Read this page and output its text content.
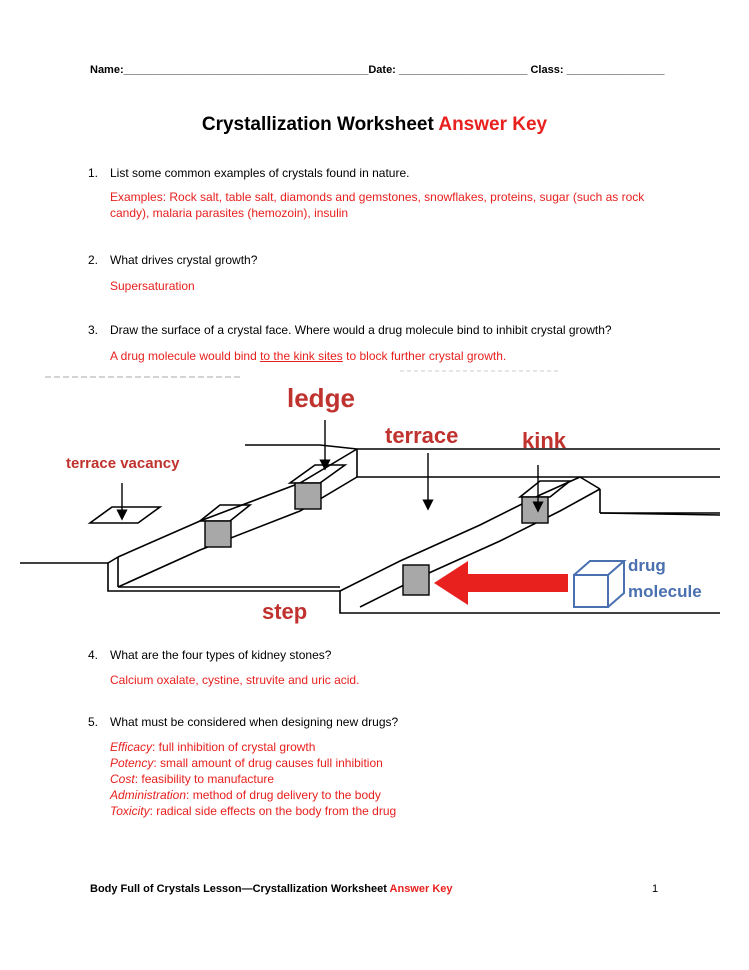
Name:________________________________________Date: _____________________ Class: ________________
Crystallization Worksheet Answer Key
1. List some common examples of crystals found in nature.
Examples: Rock salt, table salt, diamonds and gemstones, snowflakes, proteins, sugar (such as rock
candy), malaria parasites (hemozoin), insulin
2. What drives crystal growth?
Supersaturation
3. Draw the surface of a crystal face. Where would a drug molecule bind to inhibit crystal growth?
A drug molecule would bind to the kink sites to block further crystal growth.
ledge
terrace	kink
terrace vacancy
step
drug
molecule
4. What are the four types of kidney stones?
Calcium oxalate, cystine, struvite and uric acid.
5. What must be considered when designing new drugs?
Efficacy: full inhibition of crystal growth
Potency: small amount of drug causes full inhibition
Cost: feasibility to manufacture
Administration: method of drug delivery to the body
Toxicity: radical side effects on the body from the drug
Body Full of Crystals Lesson—Crystallization Worksheet Answer Key	1
